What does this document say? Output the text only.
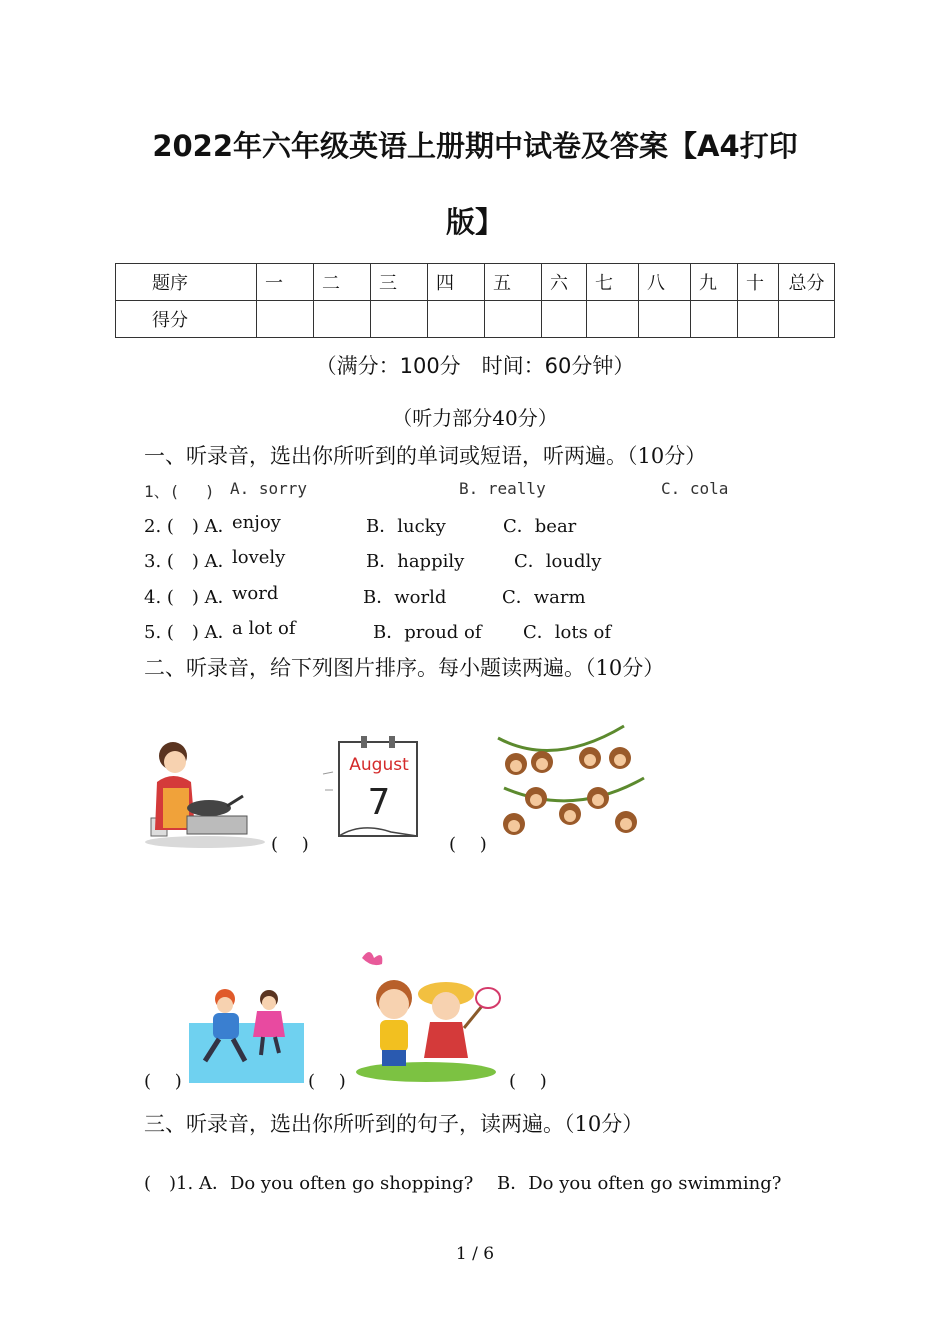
2022年六年级英语上册期中试卷及答案【A4打印
版】
题序	一	二	三	四	五	六	七	八	九	十	总分
得分											
（满分：100分　时间：60分钟）
（听力部分40分）
一、听录音，选出你所听到的单词或短语，听两遍。（10分）
1、(　 ) A. sorry	B. really	C. cola
2. (　) A．
enjoy	B．lucky	C．bear
3. (　) A．
lovely	B．happily	C．loudly
4. (　) A．
word	B．world	C．warm
5. (　) A．
a lot of	B．proud of C．lots of
二、听录音，给下列图片排序。每小题读两遍。（10分）
(　 )
August
7
(　 )
(　 )	(　 )	(　 )
三、听录音，选出你所听到的句子，读两遍。（10分）
(　)1. A．Do you often go shopping?　 B．Do you often go swimming?
1 / 6
